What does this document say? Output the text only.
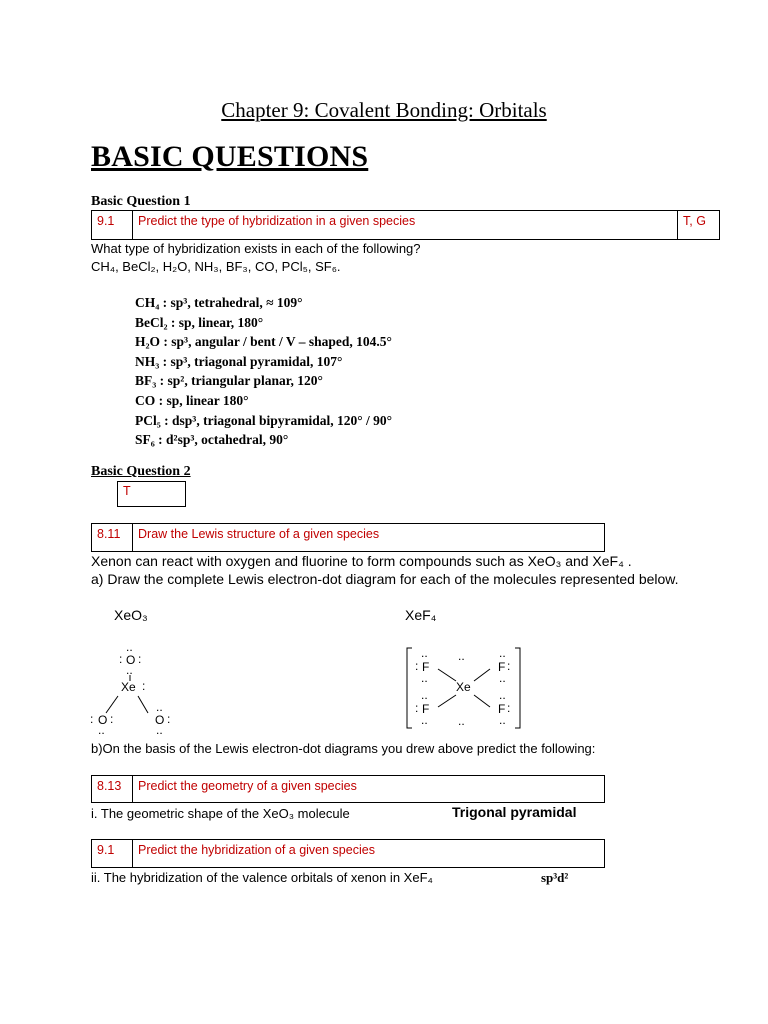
Chapter 9: Covalent Bonding: Orbitals
BASIC QUESTIONS
Basic Question 1
9.1	Predict the type of hybridization in a given species	T, G
What type of hybridization exists in each of the following?
CH₄, BeCl₂, H₂O, NH₃, BF₃, CO, PCl₅, SF₆.
CH₄ : sp³, tetrahedral, ≈ 109°
BeCl₂ : sp, linear, 180°
H₂O : sp³, angular / bent / V – shaped, 104.5°
NH₃ : sp³, triagonal pyramidal, 107°
BF₃ : sp², triangular planar, 120°
CO : sp, linear 180°
PCl₅ : dsp³, triagonal bipyramidal, 120° / 90°
SF₆ : d²sp³, octahedral, 90°
Basic Question 2
T
8.11	Draw the Lewis structure of a given species
Xenon can react with oxygen and fluorine to form compounds such as XeO₃ and XeF₄ .
a) Draw the complete Lewis electron-dot diagram for each of the molecules represented below.
XeO₃	XeF₄
..
: O :
..
Xe :
: O :
..
..
O :
..
..
: F
..
..	..
F :
..
Xe
..
: F
..	..
..
F :
..
b)On the basis of the Lewis electron-dot diagrams you drew above predict the following:
8.13	Predict the geometry of a given species
i. The geometric shape of the XeO₃ molecule	Trigonal pyramidal
9.1	Predict the hybridization of a given species
ii. The hybridization of the valence orbitals of xenon in XeF₄	sp³d²
